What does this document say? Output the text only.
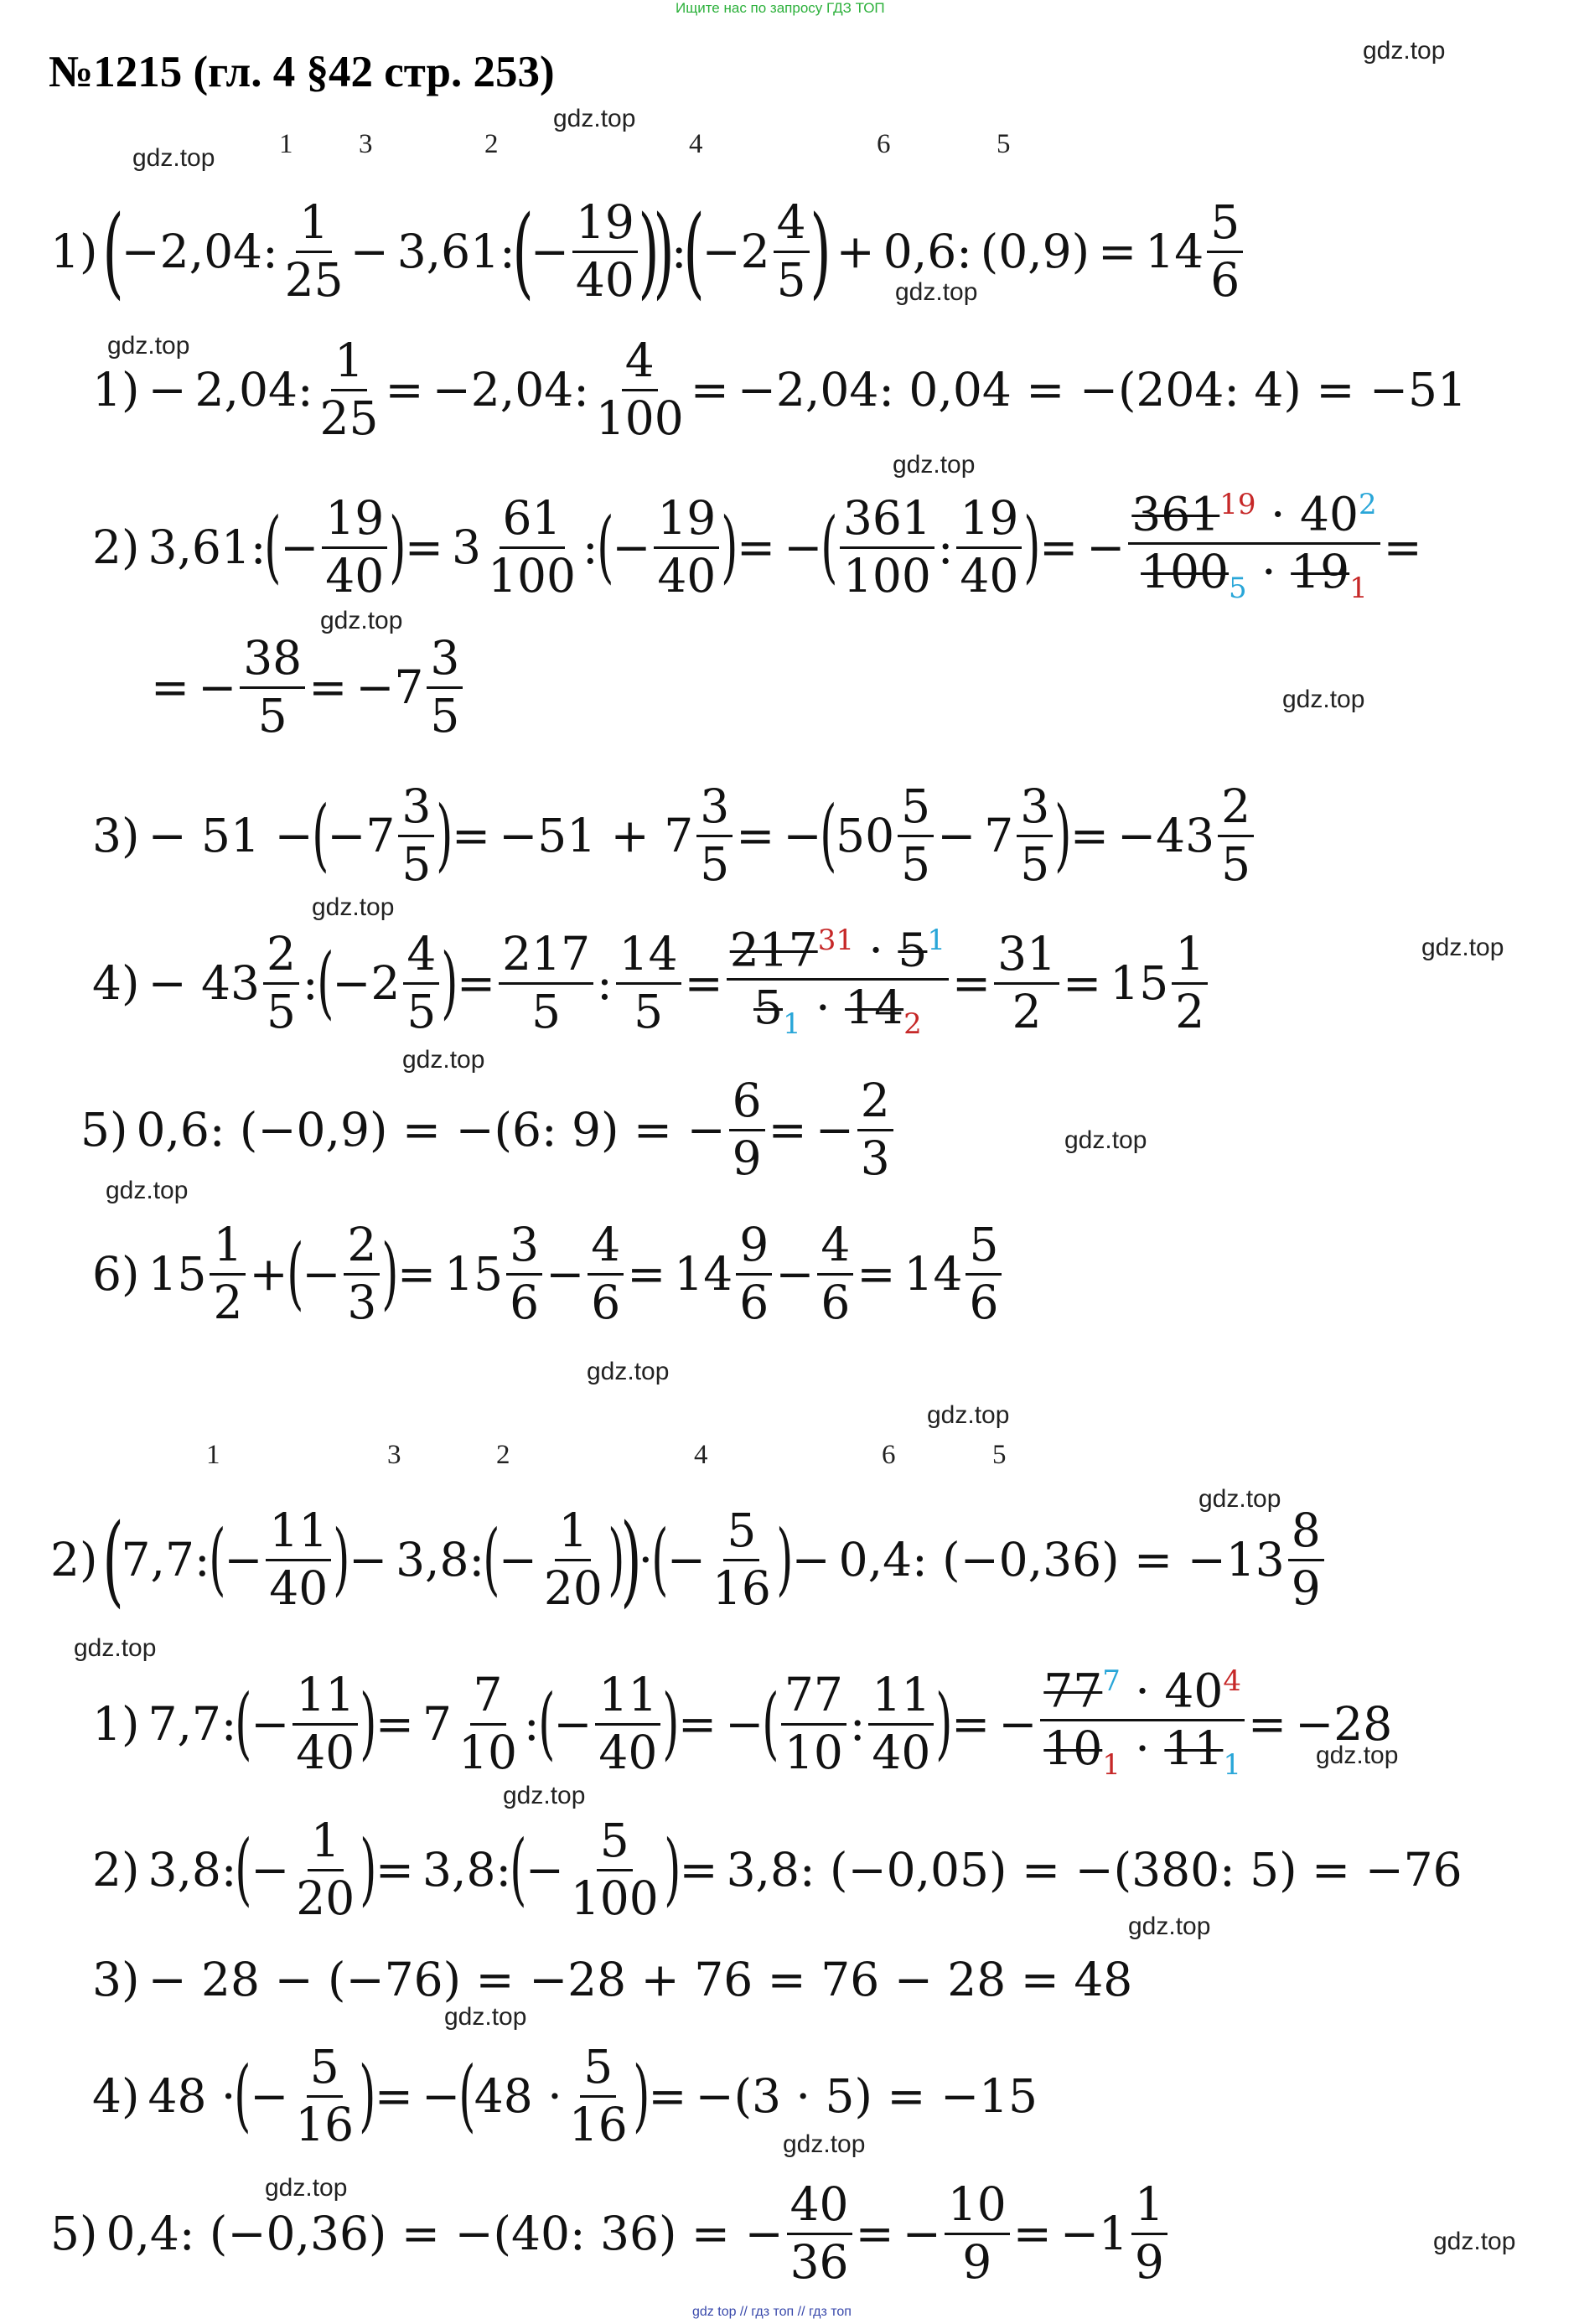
Ищите нас по запросу ГДЗ ТОП
№1215 (гл. 4 §42 стр. 253)	gdz.top
gdz.top
gdz.top
gdz.top
gdz.top
gdz.top
gdz.top
gdz.top
gdz.top
gdz.top
gdz.top
gdz.top
gdz.top
gdz.top
gdz.top
gdz.top
gdz.top
gdz.top
gdz.top
gdz.top
gdz.top
gdz.top
gdz.top
gdz.top
1 3	2	4	6	5
1) (
− 2,04 : $\frac{1}{25} - 3,61$ :
(
− $\frac{19}{40}$ )
)
:
(
− $2 \frac{4}{5}$ ) + 0,6 : $(0,9) = 14 \frac{5}{6}$
1) − 2,04 : $\frac{1}{25} = -2,04$ : $\frac{4}{100} = -2,04$: 0,04 = −(204: 4) = −51
2) 3,61 :
(
− $\frac{19}{40}$ )
= $3 \frac{61}{100}$ :
(
− $\frac{19}{40}$ )
= −
( $\frac{361}{100}$ : $\frac{19}{40}$ )
= − $\frac{361^{19} \cdot 40^2}{100_5 \cdot 19_1}$ =
= − $\frac{38}{5} = -7 \frac{3}{5}$
3) − 51 −
(
$-7 \frac{3}{5}$ )
= $-51 + 7 \frac{3}{5}$ = −
(
$50 \frac{5}{5} - 7 \frac{3}{5}$ )
= $-43 \frac{2}{5}$
$4) - 43 \frac{2}{5}$ :
(
$-2 \frac{4}{5}$ )
= $\frac{217}{5}$ : $\frac{14}{5} = \frac{217^{31} \cdot 5^1}{5_1 \cdot 14_2} = \frac{31}{2} = 15 \frac{1}{2}$
5) 0,6: (−0,9) = −(6: 9) = − $\frac{6}{9}$ = − $\frac{2}{3}$
6) $15 \frac{1}{2}$ +
(
− $\frac{2}{3}$ )
= $15 \frac{3}{6} - \frac{4}{6} = 14 \frac{9}{6} - \frac{4}{6} = 14 \frac{5}{6}$
1	3	2	4	6	5
2) (
7,7 :
(
− $\frac{11}{40}$ )
− 3,8 :
(
− $\frac{1}{20}$ )
)
·
(
− $\frac{5}{16}$ )
− 0,4: $(-0,36) = -13 \frac{8}{9}$
1) 7,7 :
(
− $\frac{11}{40}$ )
= $7 \frac{7}{10}$ :
(
− $\frac{11}{40}$ )
= −
( $\frac{77}{10}$ : $\frac{11}{40}$ )
= − $\frac{77^7 \cdot 40^4}{10_1 \cdot 11_1} = -28$
2) 3,8 :
(
− $\frac{1}{20}$ )
= 3,8 :
(
− $\frac{5}{100}$ )
= 3,8: (−0,05) = −(380: 5) = −76
3) − 28 − (−76) = −28 + 76 = 76 − 28 = 48
4) 48 ·
(
− $\frac{5}{16}$ )
= −
(
$48 \cdot \frac{5}{16}$ )
= −(3 · 5) = −15
5) 0,4: (−0,36) = −(40: 36) = − $\frac{40}{36}$ = − $\frac{10}{9} = -1 \frac{1}{9}$
gdz top // гдз топ // гдз топ
